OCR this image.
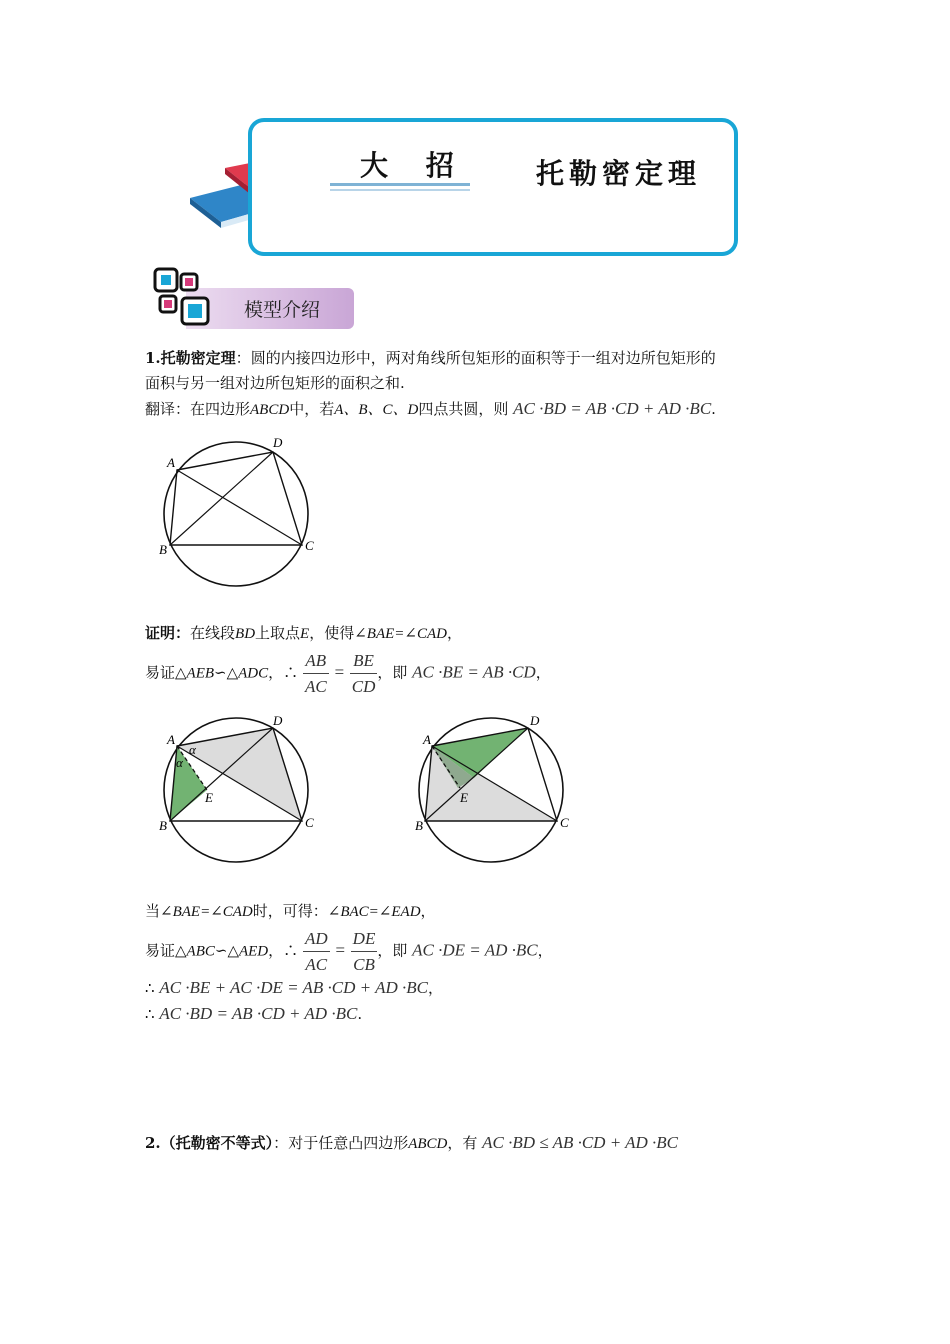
大 招 托勒密定理
模型介绍
1.托勒密定理：圆的内接四边形中，两对角线所包矩形的面积等于一组对边所包矩形的
面积与另一组对边所包矩形的面积之和.
翻译：在四边形ABCD中，若A、B、C、D四点共圆，则 AC ·BD = AB ·CD + AD ·BC.
A
D
B	C
证明：在线段BD上取点E，使得∠BAE=∠CAD，
易证△AEB∽△ADC，∴ $\frac{AB}{AC} = \frac{BE}{CD}$ ，即 AC ·BE = AB ·CD，
A
D
B	C
E
α
α
A
D
B	C
E
当∠BAE=∠CAD时，可得：∠BAC=∠EAD，
易证△ABC∽△AED，∴ $\frac{AD}{AC} = \frac{DE}{CB}$ ，即 AC ·DE = AD ·BC，
∴ AC ·BE + AC ·DE = AB ·CD + AD ·BC，
∴ AC ·BD = AB ·CD + AD ·BC.
2.（托勒密不等式）：对于任意凸四边形ABCD，有 AC ·BD ≤ AB ·CD + AD ·BC
